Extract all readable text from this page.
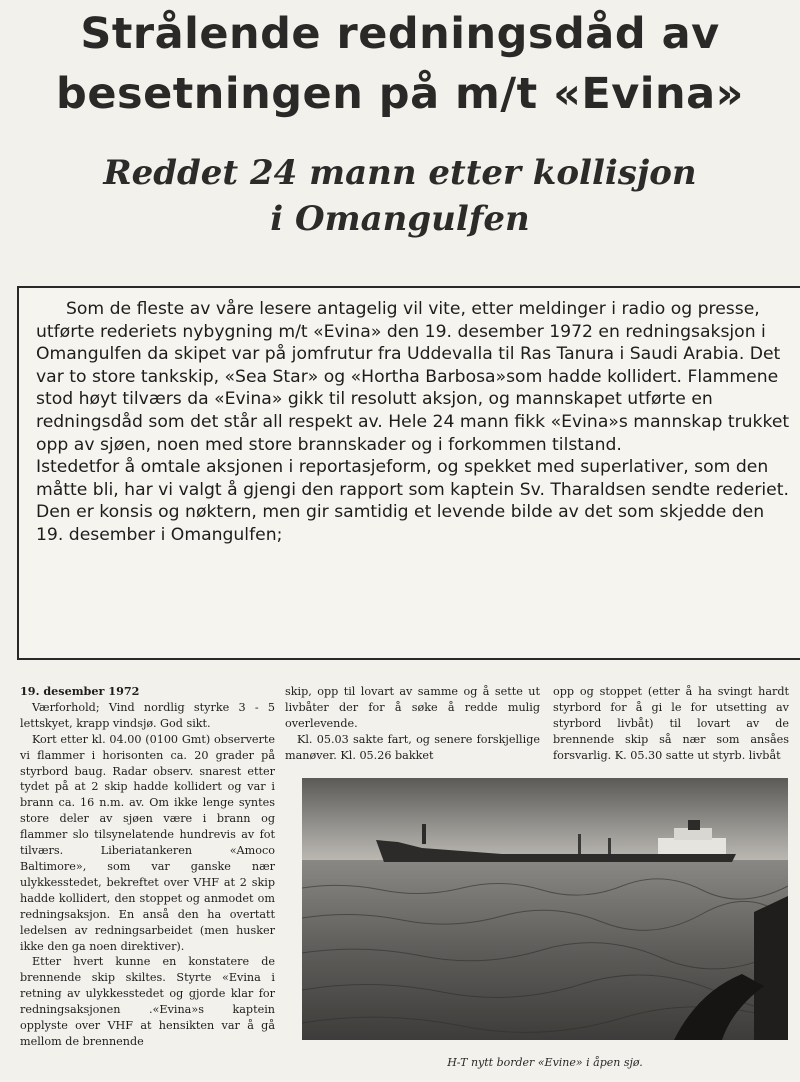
Strålende redningsdåd av
besetningen på m/t «Evina»
Reddet 24 mann etter kollisjon
i Omangulfen

Som de fleste av våre lesere antagelig vil vite, etter meldinger i radio og presse, utførte rederiets nybygning m/t «Evina» den 19. desember 1972 en redningsaksjon i Omangulfen da skipet var på jomfrutur fra Uddevalla til Ras Tanura i Saudi Arabia. Det var to store tankskip, «Sea Star» og «Hortha Barbosa»som hadde kollidert. Flammene stod høyt tilværs da «Evina» gikk til resolutt aksjon, og mannskapet utførte en redningsdåd som det står all respekt av. Hele 24 mann fikk «Evina»s mannskap trukket opp av sjøen, noen med store brannskader og i forkommen tilstand.

Istedetfor å omtale aksjonen i reportasjeform, og spekket med superlativer, som den måtte bli, har vi valgt å gjengi den rapport som kaptein Sv. Tharaldsen sendte rederiet. Den er konsis og nøktern, men gir samtidig et levende bilde av det som skjedde den 19. desember i Omangulfen;

19. desember 1972

Værforhold; Vind nordlig styrke 3 - 5 lettskyet, krapp vindsjø. God sikt.

Kort etter kl. 04.00 (0100 Gmt) observerte vi flammer i horisonten ca. 20 grader på styrbord baug. Radar observ. snarest etter tydet på at 2 skip hadde kollidert og var i brann ca. 16 n.m. av. Om ikke lenge syntes store deler av sjøen være i brann og flammer slo tilsynelatende hundrevis av fot tilværs. Liberiatankeren «Amoco Baltimore», som var ganske nær ulykkesstedet, bekreftet over VHF at 2 skip hadde kollidert, den stoppet og anmodet om redningsaksjon. En anså den ha overtatt ledelsen av redningsarbeidet (men husker ikke den ga noen direktiver).

Etter hvert kunne en konstatere de brennende skip skiltes. Styrte «Evina i retning av ulykkesstedet og gjorde klar for redningsaksjonen .«Evina»s kaptein opplyste over VHF at hensikten var å gå mellom de brennende

skip, opp til lovart av samme og å sette ut livbåter der for å søke å redde mulig overlevende.

Kl. 05.03 sakte fart, og senere forskjellige manøver. Kl. 05.26 bakket

opp og stoppet (etter å ha svingt hardt styrbord for å gi le for utsetting av styrbord livbåt) til lovart av de brennende skip så nær som ansåes forsvarlig. K. 05.30 satte ut styrb. livbåt

H-T nytt border «Evine» i åpen sjø.
